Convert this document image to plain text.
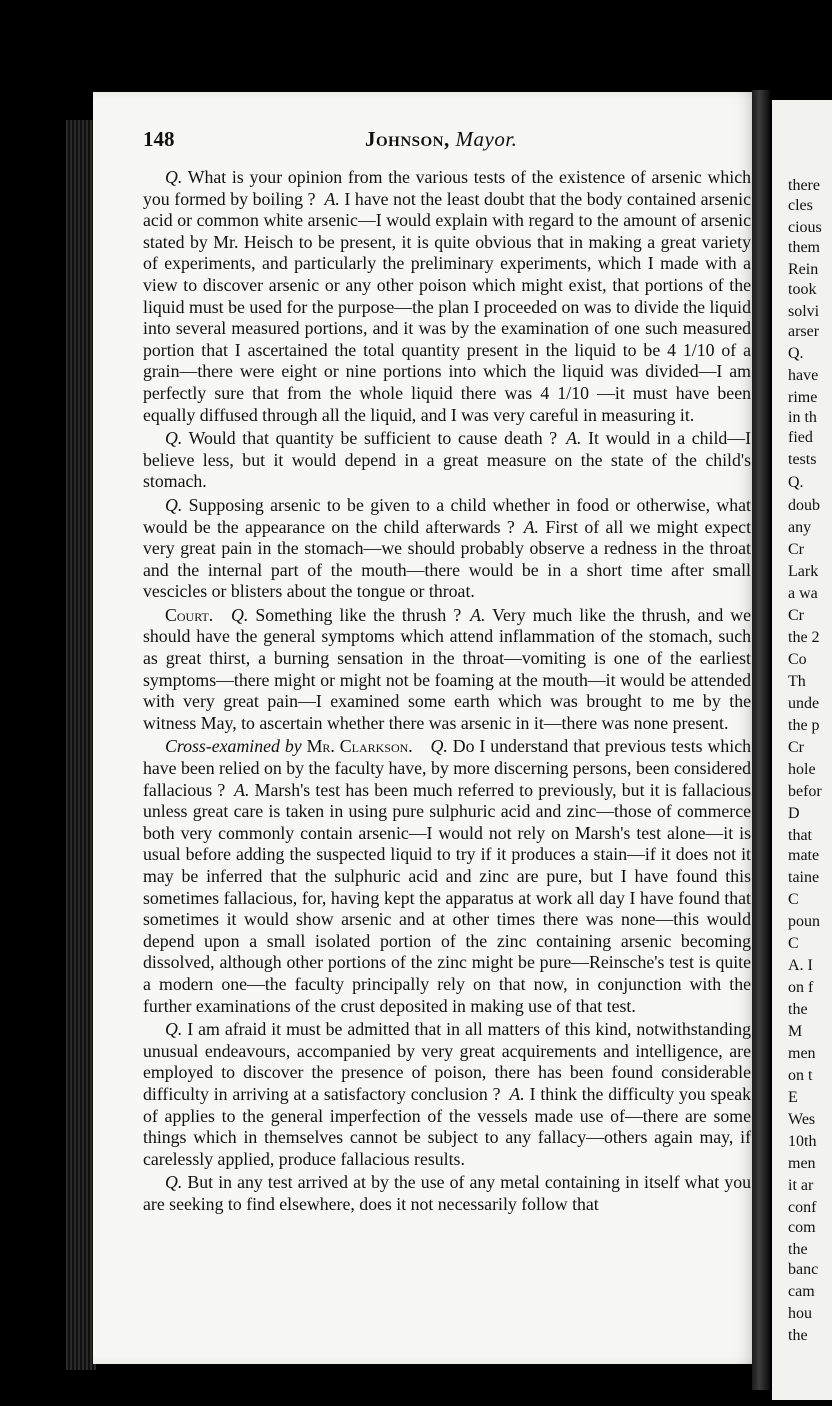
there

cles

cious

them

Rein

took

solvi

arser

Q.

have

rime

in th

fied

tests

Q.

doub

any

Cr

Lark

a wa

Cr

the 2

Co

Th

unde

the p

Cr

hole

befor

D

that

mate

taine

C

poun

C

A. I

on f

the

M

men

on t

E

Wes

10th

men

it ar

conf

com

the

banc

cam

hou

the

148	Johnson, Mayor.

Q. What is your opinion from the various tests of the existence of arsenic which you formed by boiling ?  A. I have not the least doubt that the body contained arsenic acid or common white arsenic—I would explain with regard to the amount of arsenic stated by Mr. Heisch to be present, it is quite obvious that in making a great variety of experiments, and particularly the preliminary experiments, which I made with a view to discover arsenic or any other poison which might exist, that portions of the liquid must be used for the purpose—the plan I proceeded on was to divide the liquid into several measured portions, and it was by the examination of one such measured portion that I ascertained the total quantity present in the liquid to be 4 1/10 of a grain—there were eight or nine portions into which the liquid was divided—I am perfectly sure that from the whole liquid there was 4 1/10 —it must have been equally diffused through all the liquid, and I was very careful in measuring it.

Q. Would that quantity be sufficient to cause death ?  A. It would in a child—I believe less, but it would depend in a great measure on the state of the child's stomach.

Q. Supposing arsenic to be given to a child whether in food or otherwise, what would be the appearance on the child afterwards ?  A. First of all we might expect very great pain in the stomach—we should probably observe a redness in the throat and the internal part of the mouth—there would be in a short time after small vescicles or blisters about the tongue or throat.

Court.  Q. Something like the thrush ?  A. Very much like the thrush, and we should have the general symptoms which attend inflammation of the stomach, such as great thirst, a burning sensation in the throat—vomiting is one of the earliest symptoms—there might or might not be foaming at the mouth—it would be attended with very great pain—I examined some earth which was brought to me by the witness May, to ascertain whether there was arsenic in it—there was none present.

Cross-examined by Mr. Clarkson.  Q. Do I understand that previous tests which have been relied on by the faculty have, by more discerning persons, been considered fallacious ?  A. Marsh's test has been much referred to previously, but it is fallacious unless great care is taken in using pure sulphuric acid and zinc—those of commerce both very commonly contain arsenic—I would not rely on Marsh's test alone—it is usual before adding the suspected liquid to try if it produces a stain—if it does not it may be inferred that the sulphuric acid and zinc are pure, but I have found this sometimes fallacious, for, having kept the apparatus at work all day I have found that sometimes it would show arsenic and at other times there was none—this would depend upon a small isolated portion of the zinc containing arsenic becoming dissolved, although other portions of the zinc might be pure—Reinsche's test is quite a modern one—the faculty principally rely on that now, in conjunction with the further examinations of the crust deposited in making use of that test.

Q. I am afraid it must be admitted that in all matters of this kind, notwithstanding unusual endeavours, accompanied by very great acquirements and intelligence, are employed to discover the presence of poison, there has been found considerable difficulty in arriving at a satisfactory conclusion ?  A. I think the difficulty you speak of applies to the general imperfection of the vessels made use of—there are some things which in themselves cannot be subject to any fallacy—others again may, if carelessly applied, produce fallacious results.

Q. But in any test arrived at by the use of any metal containing in itself what you are seeking to find elsewhere, does it not necessarily follow that
